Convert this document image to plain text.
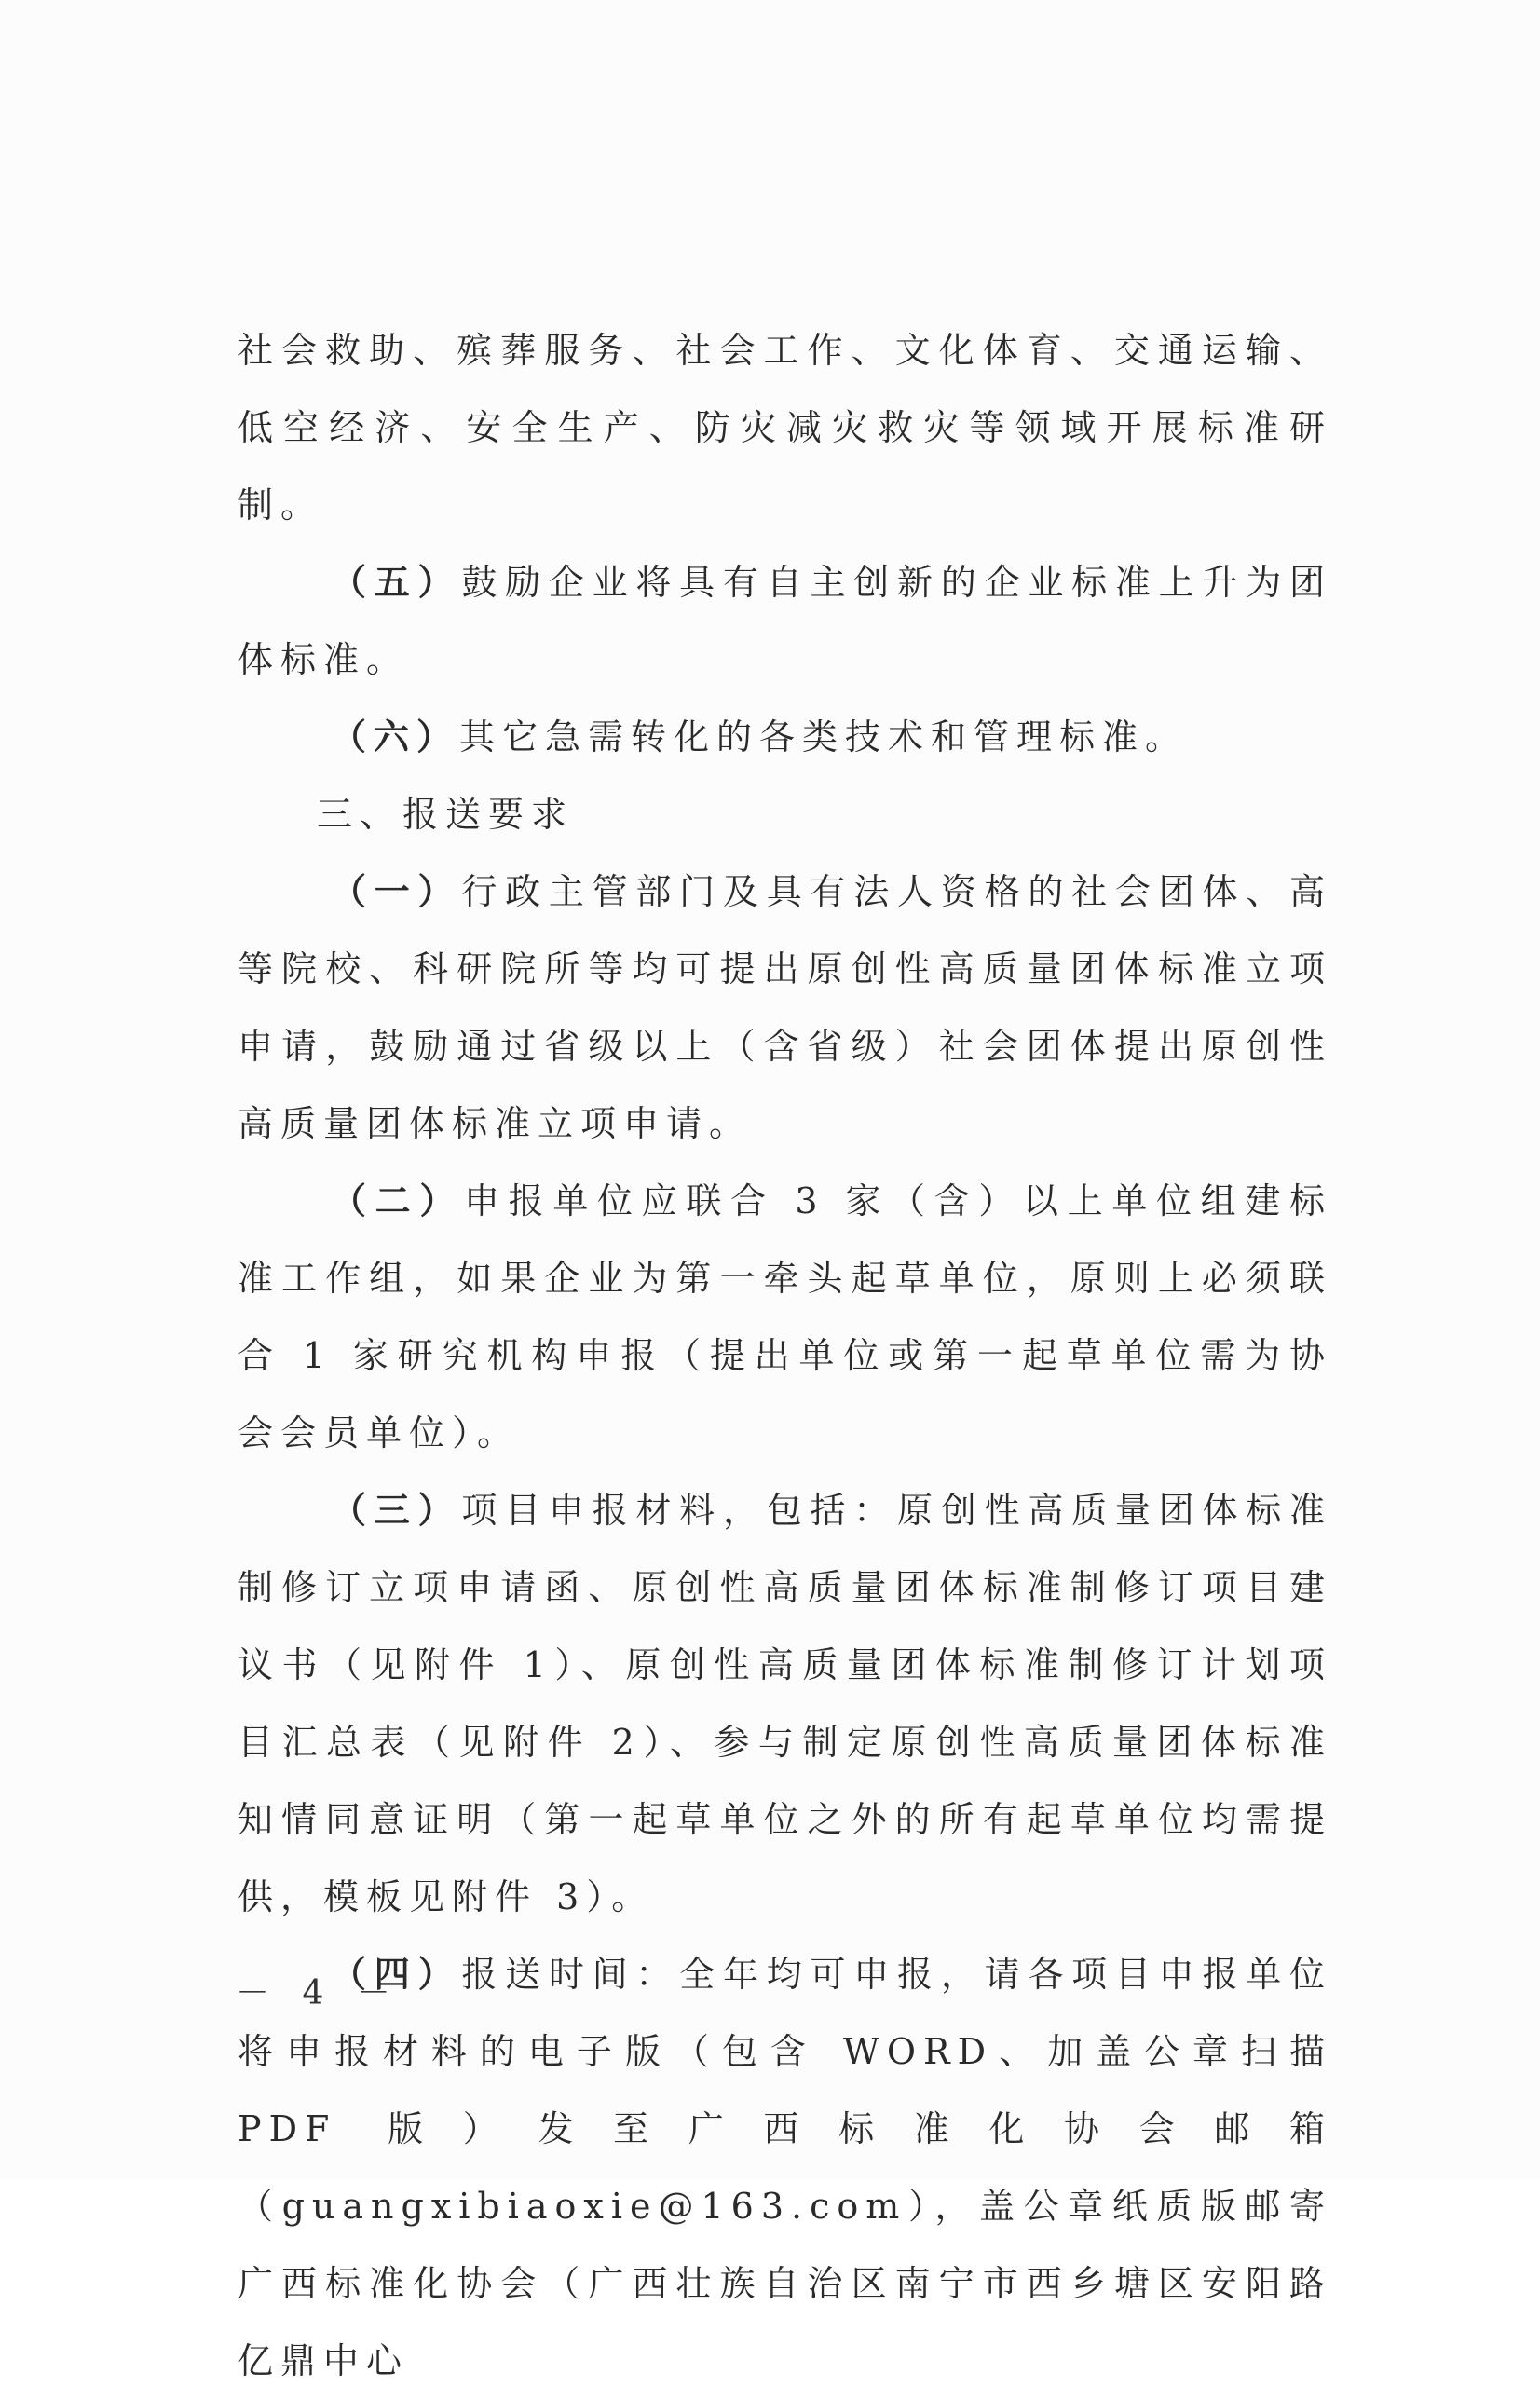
社会救助、殡葬服务、社会工作、文化体育、交通运输、低空经济、安全生产、防灾减灾救灾等领域开展标准研制。

（五）鼓励企业将具有自主创新的企业标准上升为团体标准。

（六）其它急需转化的各类技术和管理标准。

三、报送要求

（一）行政主管部门及具有法人资格的社会团体、高等院校、科研院所等均可提出原创性高质量团体标准立项申请，鼓励通过省级以上（含省级）社会团体提出原创性高质量团体标准立项申请。

（二）申报单位应联合 3 家（含）以上单位组建标准工作组，如果企业为第一牵头起草单位，原则上必须联合 1 家研究机构申报（提出单位或第一起草单位需为协会会员单位）。

（三）项目申报材料，包括：原创性高质量团体标准制修订立项申请函、原创性高质量团体标准制修订项目建议书（见附件 1）、原创性高质量团体标准制修订计划项目汇总表（见附件 2）、参与制定原创性高质量团体标准知情同意证明（第一起草单位之外的所有起草单位均需提供，模板见附件 3）。

（四）报送时间：全年均可申报，请各项目申报单位将申报材料的电子版（包含 WORD、加盖公章扫描 PDF 版）发至广西标准化协会邮箱（guangxibiaoxie@163.com），盖公章纸质版邮寄广西标准化协会（广西壮族自治区南宁市西乡塘区安阳路亿鼎中心

－ 4 －
